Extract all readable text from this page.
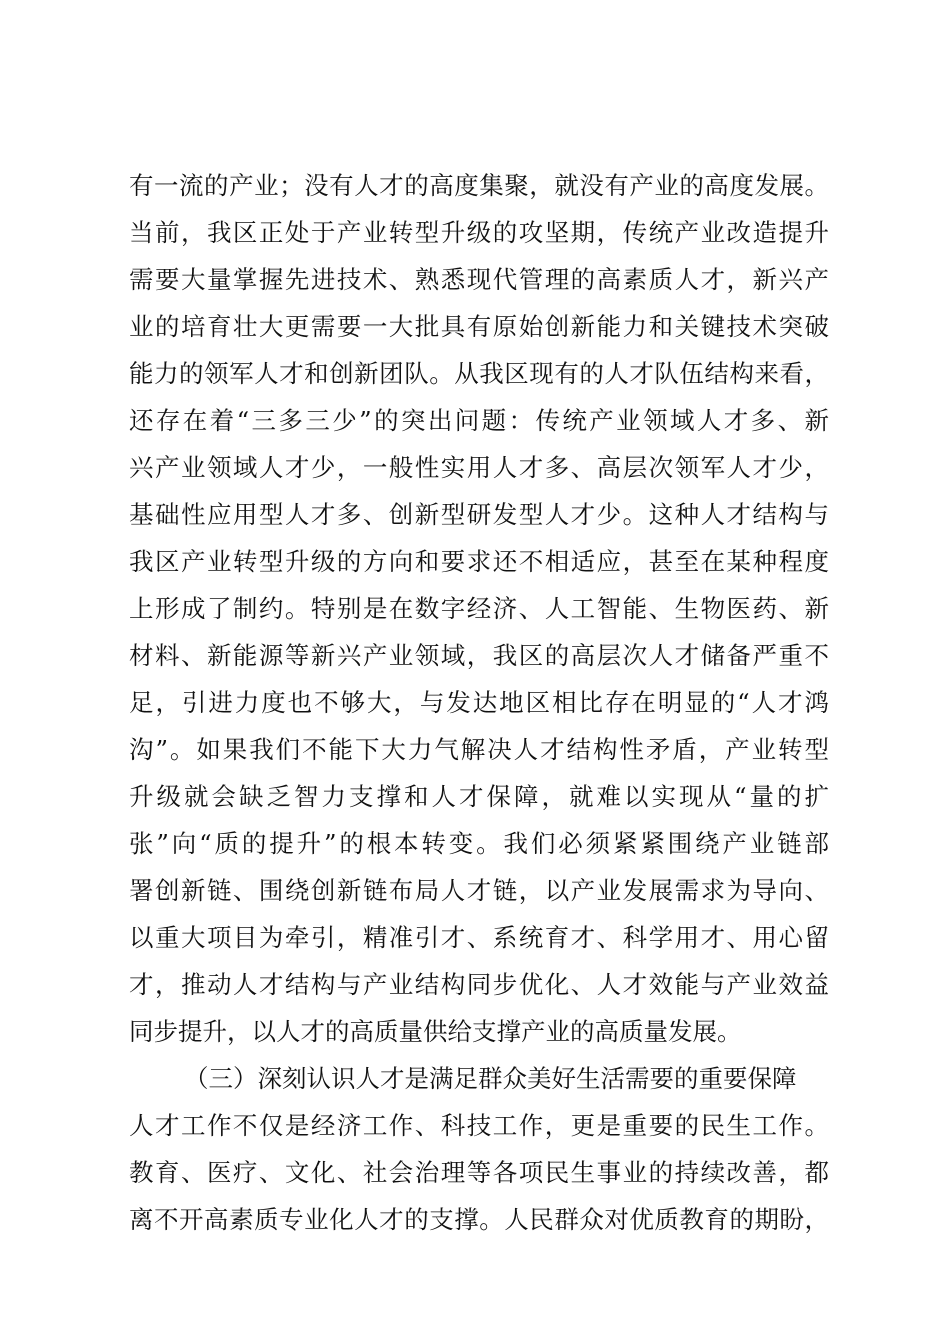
有一流的产业；没有人才的高度集聚，就没有产业的高度发展。
当前，我区正处于产业转型升级的攻坚期，传统产业改造提升
需要大量掌握先进技术、熟悉现代管理的高素质人才，新兴产
业的培育壮大更需要一大批具有原始创新能力和关键技术突破
能力的领军人才和创新团队。从我区现有的人才队伍结构来看，
还存在着“三多三少”的突出问题：传统产业领域人才多、新
兴产业领域人才少，一般性实用人才多、高层次领军人才少，
基础性应用型人才多、创新型研发型人才少。这种人才结构与
我区产业转型升级的方向和要求还不相适应，甚至在某种程度
上形成了制约。特别是在数字经济、人工智能、生物医药、新
材料、新能源等新兴产业领域，我区的高层次人才储备严重不
足，引进力度也不够大，与发达地区相比存在明显的“人才鸿
沟”。如果我们不能下大力气解决人才结构性矛盾，产业转型
升级就会缺乏智力支撑和人才保障，就难以实现从“量的扩
张”向“质的提升”的根本转变。我们必须紧紧围绕产业链部
署创新链、围绕创新链布局人才链，以产业发展需求为导向、
以重大项目为牵引，精准引才、系统育才、科学用才、用心留
才，推动人才结构与产业结构同步优化、人才效能与产业效益
同步提升，以人才的高质量供给支撑产业的高质量发展。
（三）深刻认识人才是满足群众美好生活需要的重要保障
人才工作不仅是经济工作、科技工作，更是重要的民生工作。
教育、医疗、文化、社会治理等各项民生事业的持续改善，都
离不开高素质专业化人才的支撑。人民群众对优质教育的期盼，
